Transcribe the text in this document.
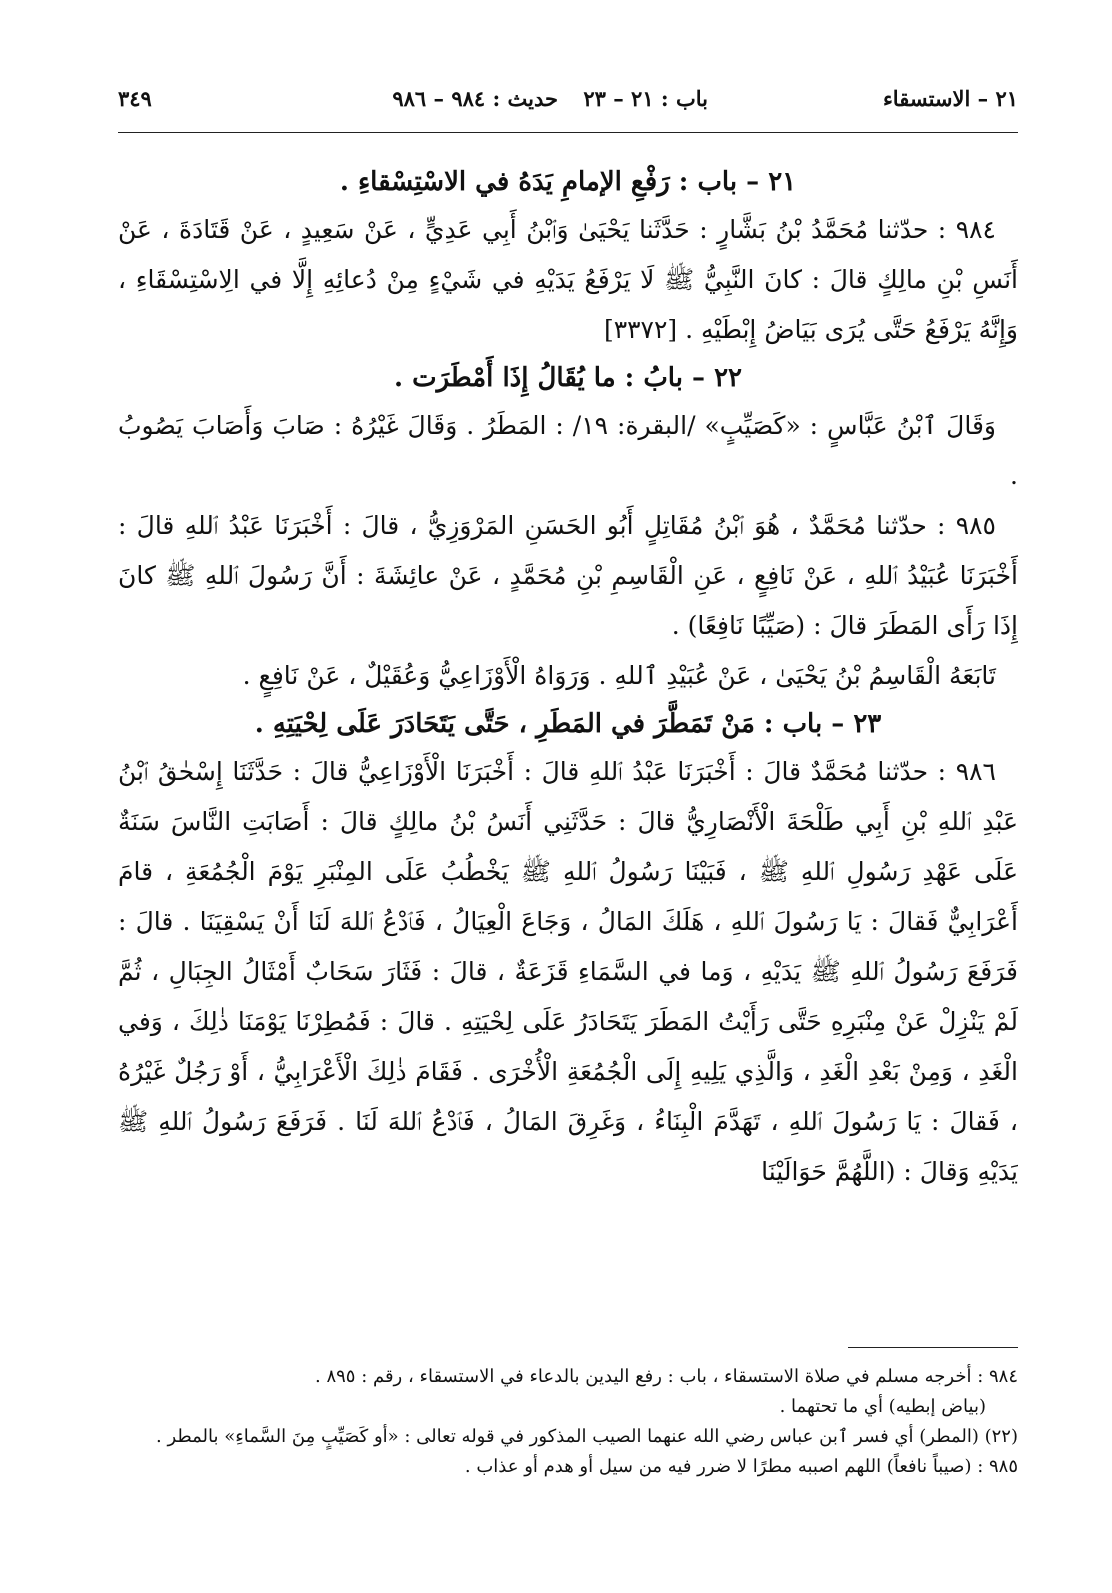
٢١ – الاستسقاء
باب : ٢١ – ٢٣
حديث : ٩٨٤ – ٩٨٦
٣٤٩
٢١ – باب : رَفْعِ الإمامِ يَدَهُ في الاسْتِسْقاءِ .

٩٨٤ : حدّثنا مُحَمَّدُ بْنُ بَشَّارٍ : حَدَّثَنا يَحْيَىٰ وَٱبْنُ أَبِي عَدِيٍّ ، عَنْ سَعِيدٍ ، عَنْ قَتَادَةَ ، عَنْ أَنَسِ بْنِ مالِكٍ قالَ : كانَ النَّبِيُّ ﷺ لَا يَرْفَعُ يَدَيْهِ في شَيْءٍ مِنْ دُعائِهِ إِلَّا في الِاسْتِسْقَاءِ ، وَإِنَّهُ يَرْفَعُ حَتَّى يُرَى بَيَاضُ إِبْطَيْهِ . [٣٣٧٢]

٢٢ – بابُ : ما يُقَالُ إِذَا أَمْطَرَت .

وَقَالَ ٱبْنُ عَبَّاسٍ : «كَصَيِّبٍ» /البقرة: ١٩/ : المَطَرُ . وَقَالَ غَيْرُهُ : صَابَ وَأَصَابَ يَصُوبُ .

٩٨٥ : حدّثنا مُحَمَّدٌ ، هُوَ ٱبْنُ مُقَاتِلٍ أَبُو الحَسَنِ المَرْوَزِيُّ ، قالَ : أَخْبَرَنَا عَبْدُ ٱللهِ قالَ : أَخْبَرَنَا عُبَيْدُ ٱللهِ ، عَنْ نَافِعٍ ، عَنِ الْقَاسِمِ بْنِ مُحَمَّدٍ ، عَنْ عائِشَةَ : أَنَّ رَسُولَ ٱللهِ ﷺ كانَ إِذَا رَأَى المَطَرَ قالَ : (صَيِّبًا نَافِعًا) .

تَابَعَهُ الْقَاسِمُ بْنُ يَحْيَىٰ ، عَنْ عُبَيْدِ ٱللهِ . وَرَوَاهُ الْأَوْزَاعِيُّ وَعُقَيْلٌ ، عَنْ نَافِعٍ .

٢٣ – باب : مَنْ تَمَطَّرَ في المَطَرِ ، حَتَّى يَتَحَادَرَ عَلَى لِحْيَتِهِ .

٩٨٦ : حدّثنا مُحَمَّدٌ قالَ : أَخْبَرَنَا عَبْدُ ٱللهِ قالَ : أَخْبَرَنَا الْأَوْزَاعِيُّ قالَ : حَدَّثَنَا إِسْحٰقُ ٱبْنُ عَبْدِ ٱللهِ بْنِ أَبِي طَلْحَةَ الْأَنْصَارِيُّ قالَ : حَدَّثَنِي أَنَسُ بْنُ مالِكٍ قالَ : أَصَابَتِ النَّاسَ سَنَةٌ عَلَى عَهْدِ رَسُولِ ٱللهِ ﷺ ، فَبَيْنَا رَسُولُ ٱللهِ ﷺ يَخْطُبُ عَلَى المِنْبَرِ يَوْمَ الْجُمُعَةِ ، قامَ أَعْرَابِيٌّ فَقالَ : يَا رَسُولَ ٱللهِ ، هَلَكَ المَالُ ، وَجَاعَ الْعِيَالُ ، فَٱدْعُ ٱللهَ لَنَا أَنْ يَسْقِيَنَا . قالَ : فَرَفَعَ رَسُولُ ٱللهِ ﷺ يَدَيْهِ ، وَما في السَّمَاءِ قَزَعَةٌ ، قالَ : فَثَارَ سَحَابٌ أَمْثَالُ الجِبَالِ ، ثُمَّ لَمْ يَنْزِلْ عَنْ مِنْبَرِهِ حَتَّى رَأَيْتُ المَطَرَ يَتَحَادَرُ عَلَى لِحْيَتِهِ . قالَ : فَمُطِرْنَا يَوْمَنَا ذٰلِكَ ، وَفي الْغَدِ ، وَمِنْ بَعْدِ الْغَدِ ، وَالَّذِي يَلِيهِ إِلَى الْجُمُعَةِ الْأُخْرَى . فَقَامَ ذٰلِكَ الْأَعْرَابِيُّ ، أَوْ رَجُلٌ غَيْرُهُ ، فَقالَ : يَا رَسُولَ ٱللهِ ، تَهَدَّمَ الْبِنَاءُ ، وَغَرِقَ المَالُ ، فَٱدْعُ ٱللهَ لَنَا . فَرَفَعَ رَسُولُ ٱللهِ ﷺ يَدَيْهِ وَقالَ : (اللَّهُمَّ حَوَالَيْنَا

٩٨٤ : أخرجه مسلم في صلاة الاستسقاء ، باب : رفع اليدين بالدعاء في الاستسقاء ، رقم : ٨٩٥ .

(بياض إبطيه) أي ما تحتهما .

(٢٢) (المطر) أي فسر ٱبن عباس رضي الله عنهما الصيب المذكور في قوله تعالى : «أو كَصَيِّبٍ مِنَ السَّماءِ» بالمطر .

٩٨٥ : (صيباً نافعاً) اللهم اصببه مطرًا لا ضرر فيه من سيل أو هدم أو عذاب .
